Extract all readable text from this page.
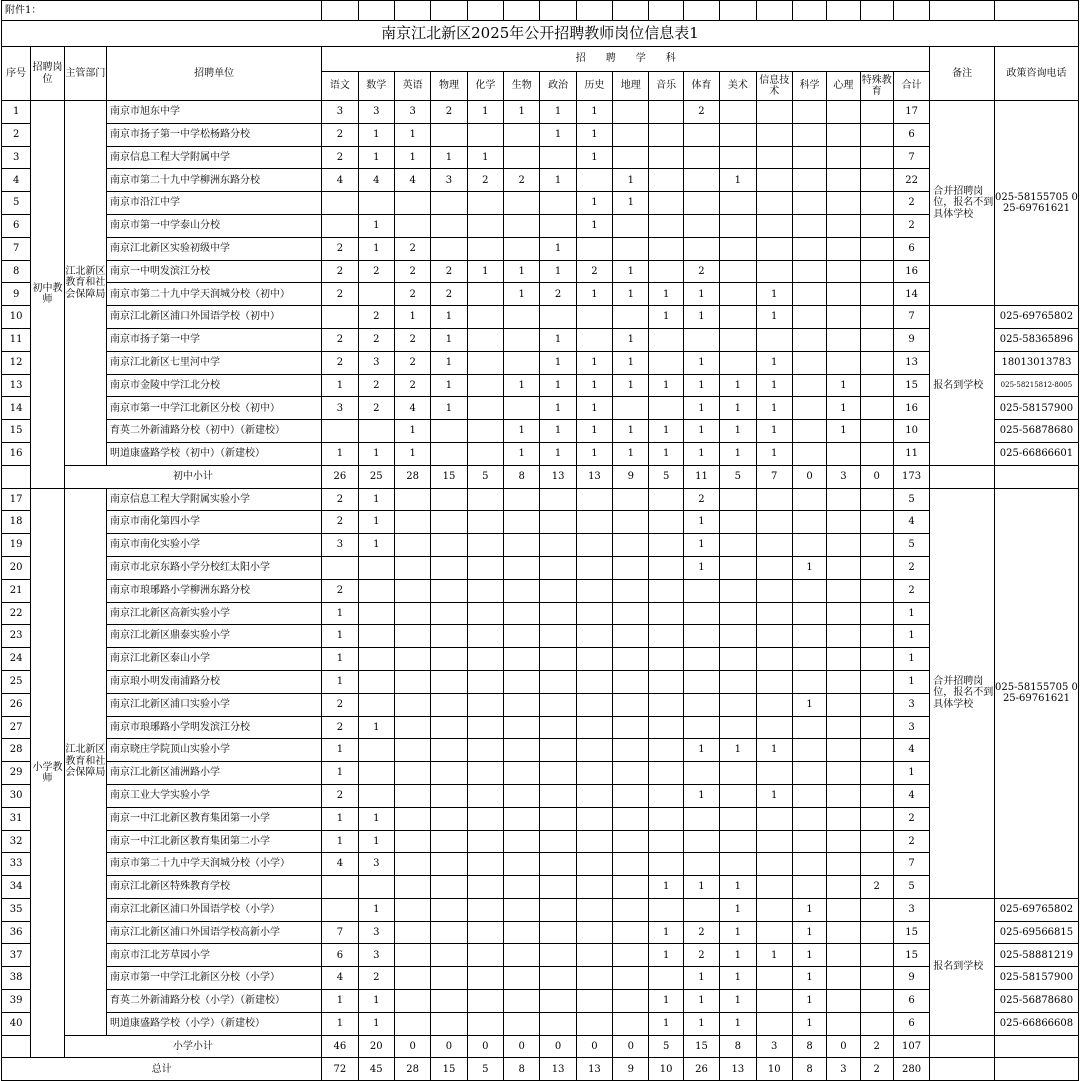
附件1：																						
南京江北新区2025年公开招聘教师岗位信息表1																						
序号	招聘岗位	主管部门	招聘单位	招　　聘　　学　　科																	备注	政策咨询电话
				语文	数学	英语	物理	化学	生物	政治	历史	地理	音乐	体育	美术	信息技术	科学	心理	特殊教育	合计		
1	初中教师	江北新区教育和社会保障局	南京市旭东中学	3	3	3	2	1	1	1	1			2						17	合并招聘岗位，报名不到具体学校	025-58155705 025-69761621
2			南京市扬子第一中学松杨路分校	2	1	1				1	1									6		
3			南京信息工程大学附属中学	2	1	1	1	1			1									7		
4			南京市第二十九中学柳洲东路分校	4	4	4	3	2	2	1		1			1					22		
5			南京市沿江中学								1	1								2		
6			南京市第一中学泰山分校		1						1									2		
7			南京江北新区实验初级中学	2	1	2				1										6		
8			南京一中明发滨江分校	2	2	2	2	1	1	1	2	1		2						16		
9			南京市第二十九中学天润城分校（初中）	2		2	2		1	2	1	1	1	1		1				14		
10			南京江北新区浦口外国语学校（初中）		2	1	1						1	1		1				7	报名到学校	025-69765802
11			南京市扬子第一中学	2	2	2	1			1		1								9		025-58365896
12			南京江北新区七里河中学	2	3	2	1			1	1	1		1		1				13		18013013783
13			南京市金陵中学江北分校	1	2	2	1		1	1	1	1	1	1	1	1		1		15		025-58215812-8005
14			南京市第一中学江北新区分校（初中）	3	2	4	1			1	1			1	1	1		1		16		025-58157900
15			育英二外新浦路分校（初中）（新建校）			1			1	1	1	1	1	1	1	1		1		10		025-56878680
16			明道康盛路学校（初中）（新建校）	1	1	1			1	1	1	1	1	1	1	1				11		025-66866601
		初中小计		26	25	28	15	5	8	13	13	9	5	11	5	7	0	3	0	173		
17	小学教师	江北新区教育和社会保障局	南京信息工程大学附属实验小学	2	1									2						5	合并招聘岗位，报名不到具体学校	025-58155705 025-69761621
18			南京市南化第四小学	2	1									1						4		
19			南京市南化实验小学	3	1									1						5		
20			南京市北京东路小学分校红太阳小学											1			1			2		
21			南京市琅琊路小学柳洲东路分校	2																2		
22			南京江北新区高新实验小学	1																1		
23			南京江北新区鼎泰实验小学	1																1		
24			南京江北新区泰山小学	1																1		
25			南京琅小明发南浦路分校	1																1		
26			南京江北新区浦口实验小学	2													1			3		
27			南京市琅琊路小学明发滨江分校	2	1															3		
28			南京晓庄学院顶山实验小学	1										1	1	1				4		
29			南京江北新区浦洲路小学	1																1		
30			南京工业大学实验小学	2										1		1				4		
31			南京一中江北新区教育集团第一小学	1	1															2		
32			南京一中江北新区教育集团第二小学	1	1															2		
33			南京市第二十九中学天润城分校（小学）	4	3															7		
34			南京江北新区特殊教育学校										1	1	1				2	5		
35			南京江北新区浦口外国语学校（小学）		1										1		1			3	报名到学校	025-69765802
36			南京江北新区浦口外国语学校高新小学	7	3								1	2	1		1			15		025-69566815
37			南京市江北芳草园小学	6	3								1	2	1	1	1			15		025-58881219
38			南京市第一中学江北新区分校（小学）	4	2									1	1		1			9		025-58157900
39			育英二外新浦路分校（小学）（新建校）	1	1								1	1	1		1			6		025-56878680
40			明道康盛路学校（小学）（新建校）	1	1								1	1	1		1			6		025-66866608
		小学小计		46	20	0	0	0	0	0	0	0	5	15	8	3	8	0	2	107		
总计				72	45	28	15	5	8	13	13	9	10	26	13	10	8	3	2	280		
